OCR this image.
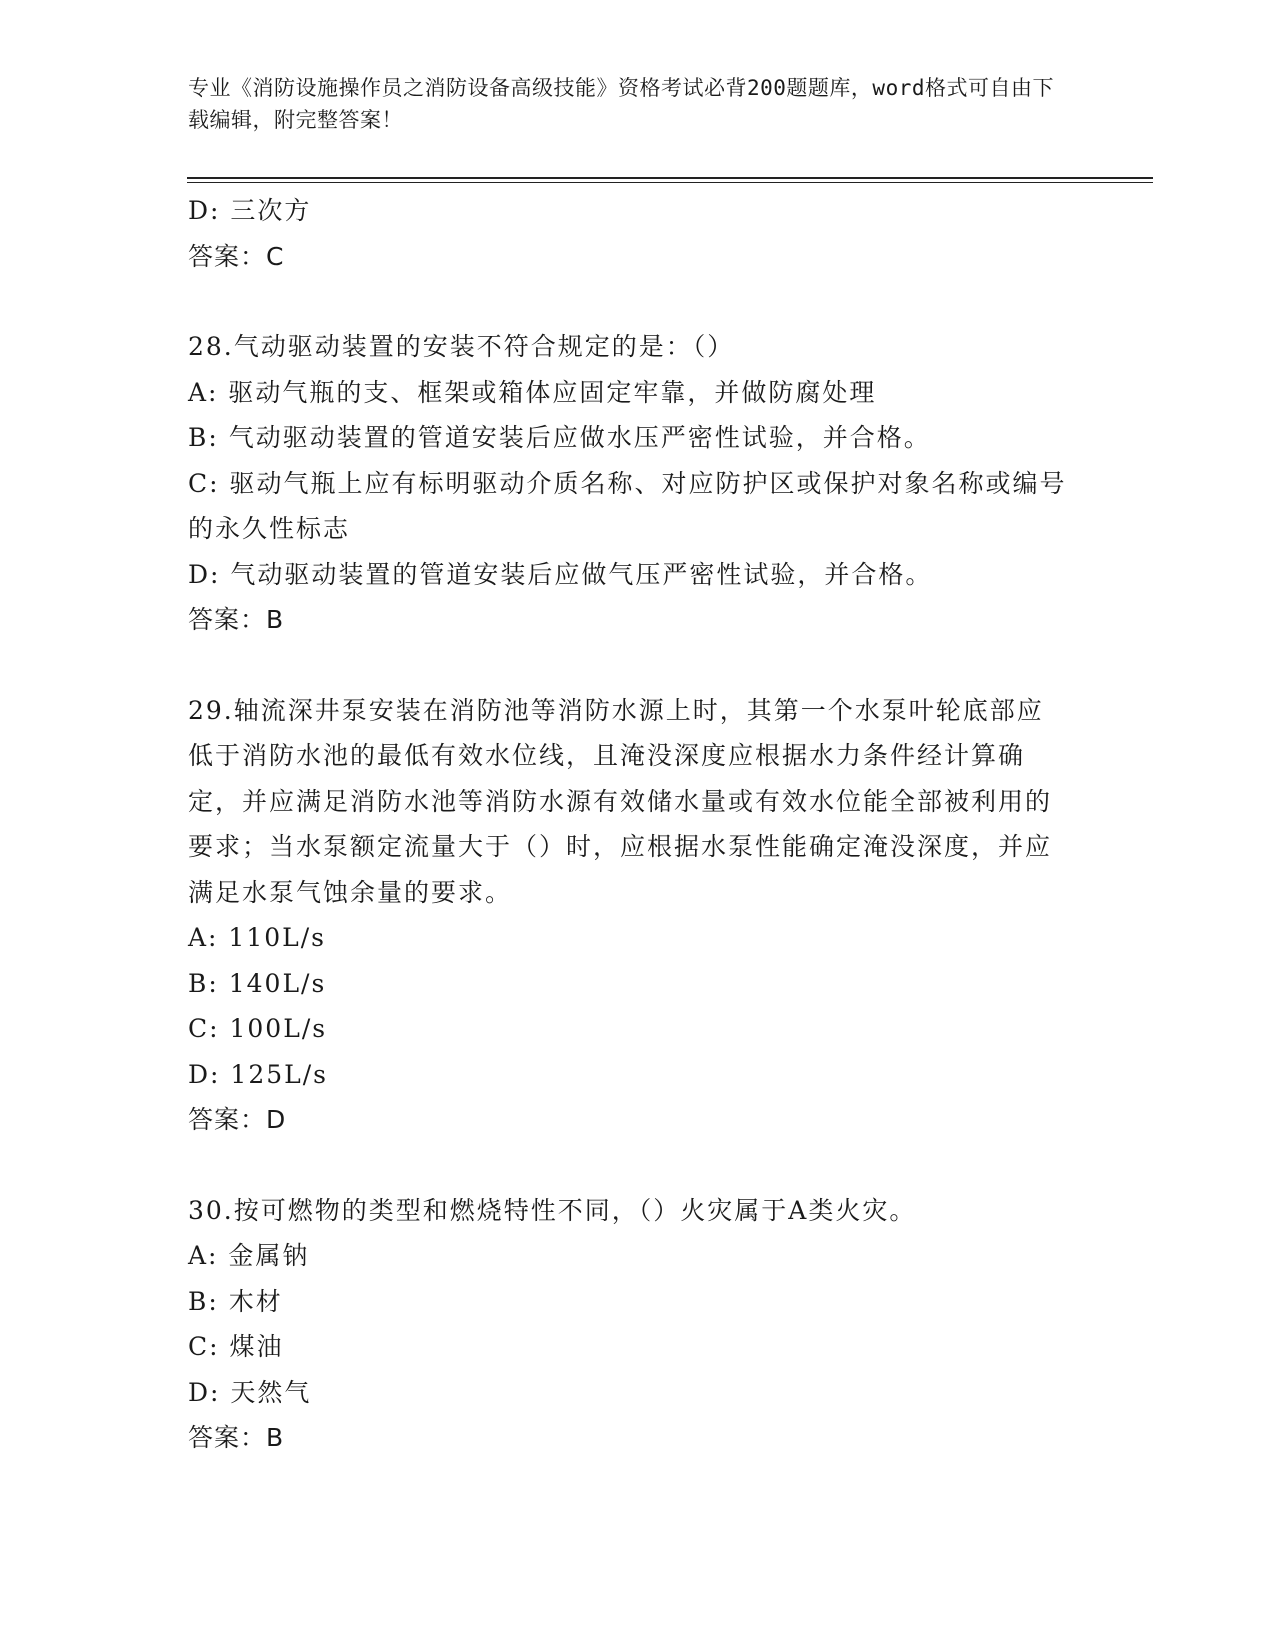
专业《消防设施操作员之消防设备高级技能》资格考试必背200题题库，word格式可自由下载编辑，附完整答案！

D: 三次方

答案：C

28.气动驱动装置的安装不符合规定的是：（）

A: 驱动气瓶的支、框架或箱体应固定牢靠，并做防腐处理

B: 气动驱动装置的管道安装后应做水压严密性试验，并合格。

C: 驱动气瓶上应有标明驱动介质名称、对应防护区或保护对象名称或编号的永久性标志

D: 气动驱动装置的管道安装后应做气压严密性试验，并合格。

答案：B

29.轴流深井泵安装在消防池等消防水源上时，其第一个水泵叶轮底部应低于消防水池的最低有效水位线，且淹没深度应根据水力条件经计算确定，并应满足消防水池等消防水源有效储水量或有效水位能全部被利用的要求；当水泵额定流量大于（）时，应根据水泵性能确定淹没深度，并应满足水泵气蚀余量的要求。

A: 110L/s

B: 140L/s

C: 100L/s

D: 125L/s

答案：D

30.按可燃物的类型和燃烧特性不同，（）火灾属于A类火灾。

A: 金属钠

B: 木材

C: 煤油

D: 天然气

答案：B
